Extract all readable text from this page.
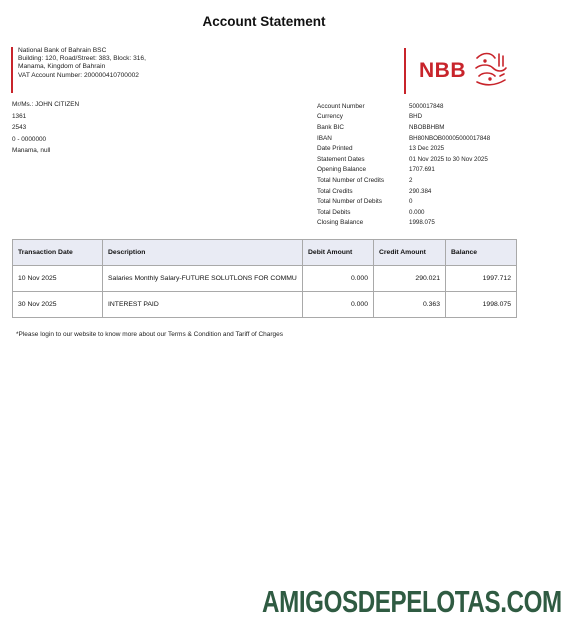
Account Statement
National Bank of Bahrain BSC
Building: 120, Road/Street: 383, Block: 316,
Manama, Kingdom of Bahrain
VAT Account Number: 200000410700002	NBB
Mr/Ms.: JOHN CITIZEN
1361
2543
0 - 0000000
Manama, null
Account Number	5000017848
Currency	BHD
Bank BIC	NBOBBHBM
IBAN	BH80NBOB00005000017848
Date Printed	13 Dec 2025
Statement Dates	01 Nov 2025 to 30 Nov 2025
Opening Balance	1707.691
Total Number of Credits	2
Total Credits	290.384
Total Number of Debits	0
Total Debits	0.000
Closing Balance	1998.075
Transaction Date	Description	Debit Amount	Credit Amount	Balance
10 Nov 2025	Salaries Monthly Salary-FUTURE SOLUTLONS FOR COMMU	0.000	290.021	1997.712
30 Nov 2025	INTEREST PAID	0.000	0.363	1998.075
*Please login to our website to know more about our Terms & Condition and Tariff of Charges
AMIGOSDEPELOTAS.COM
